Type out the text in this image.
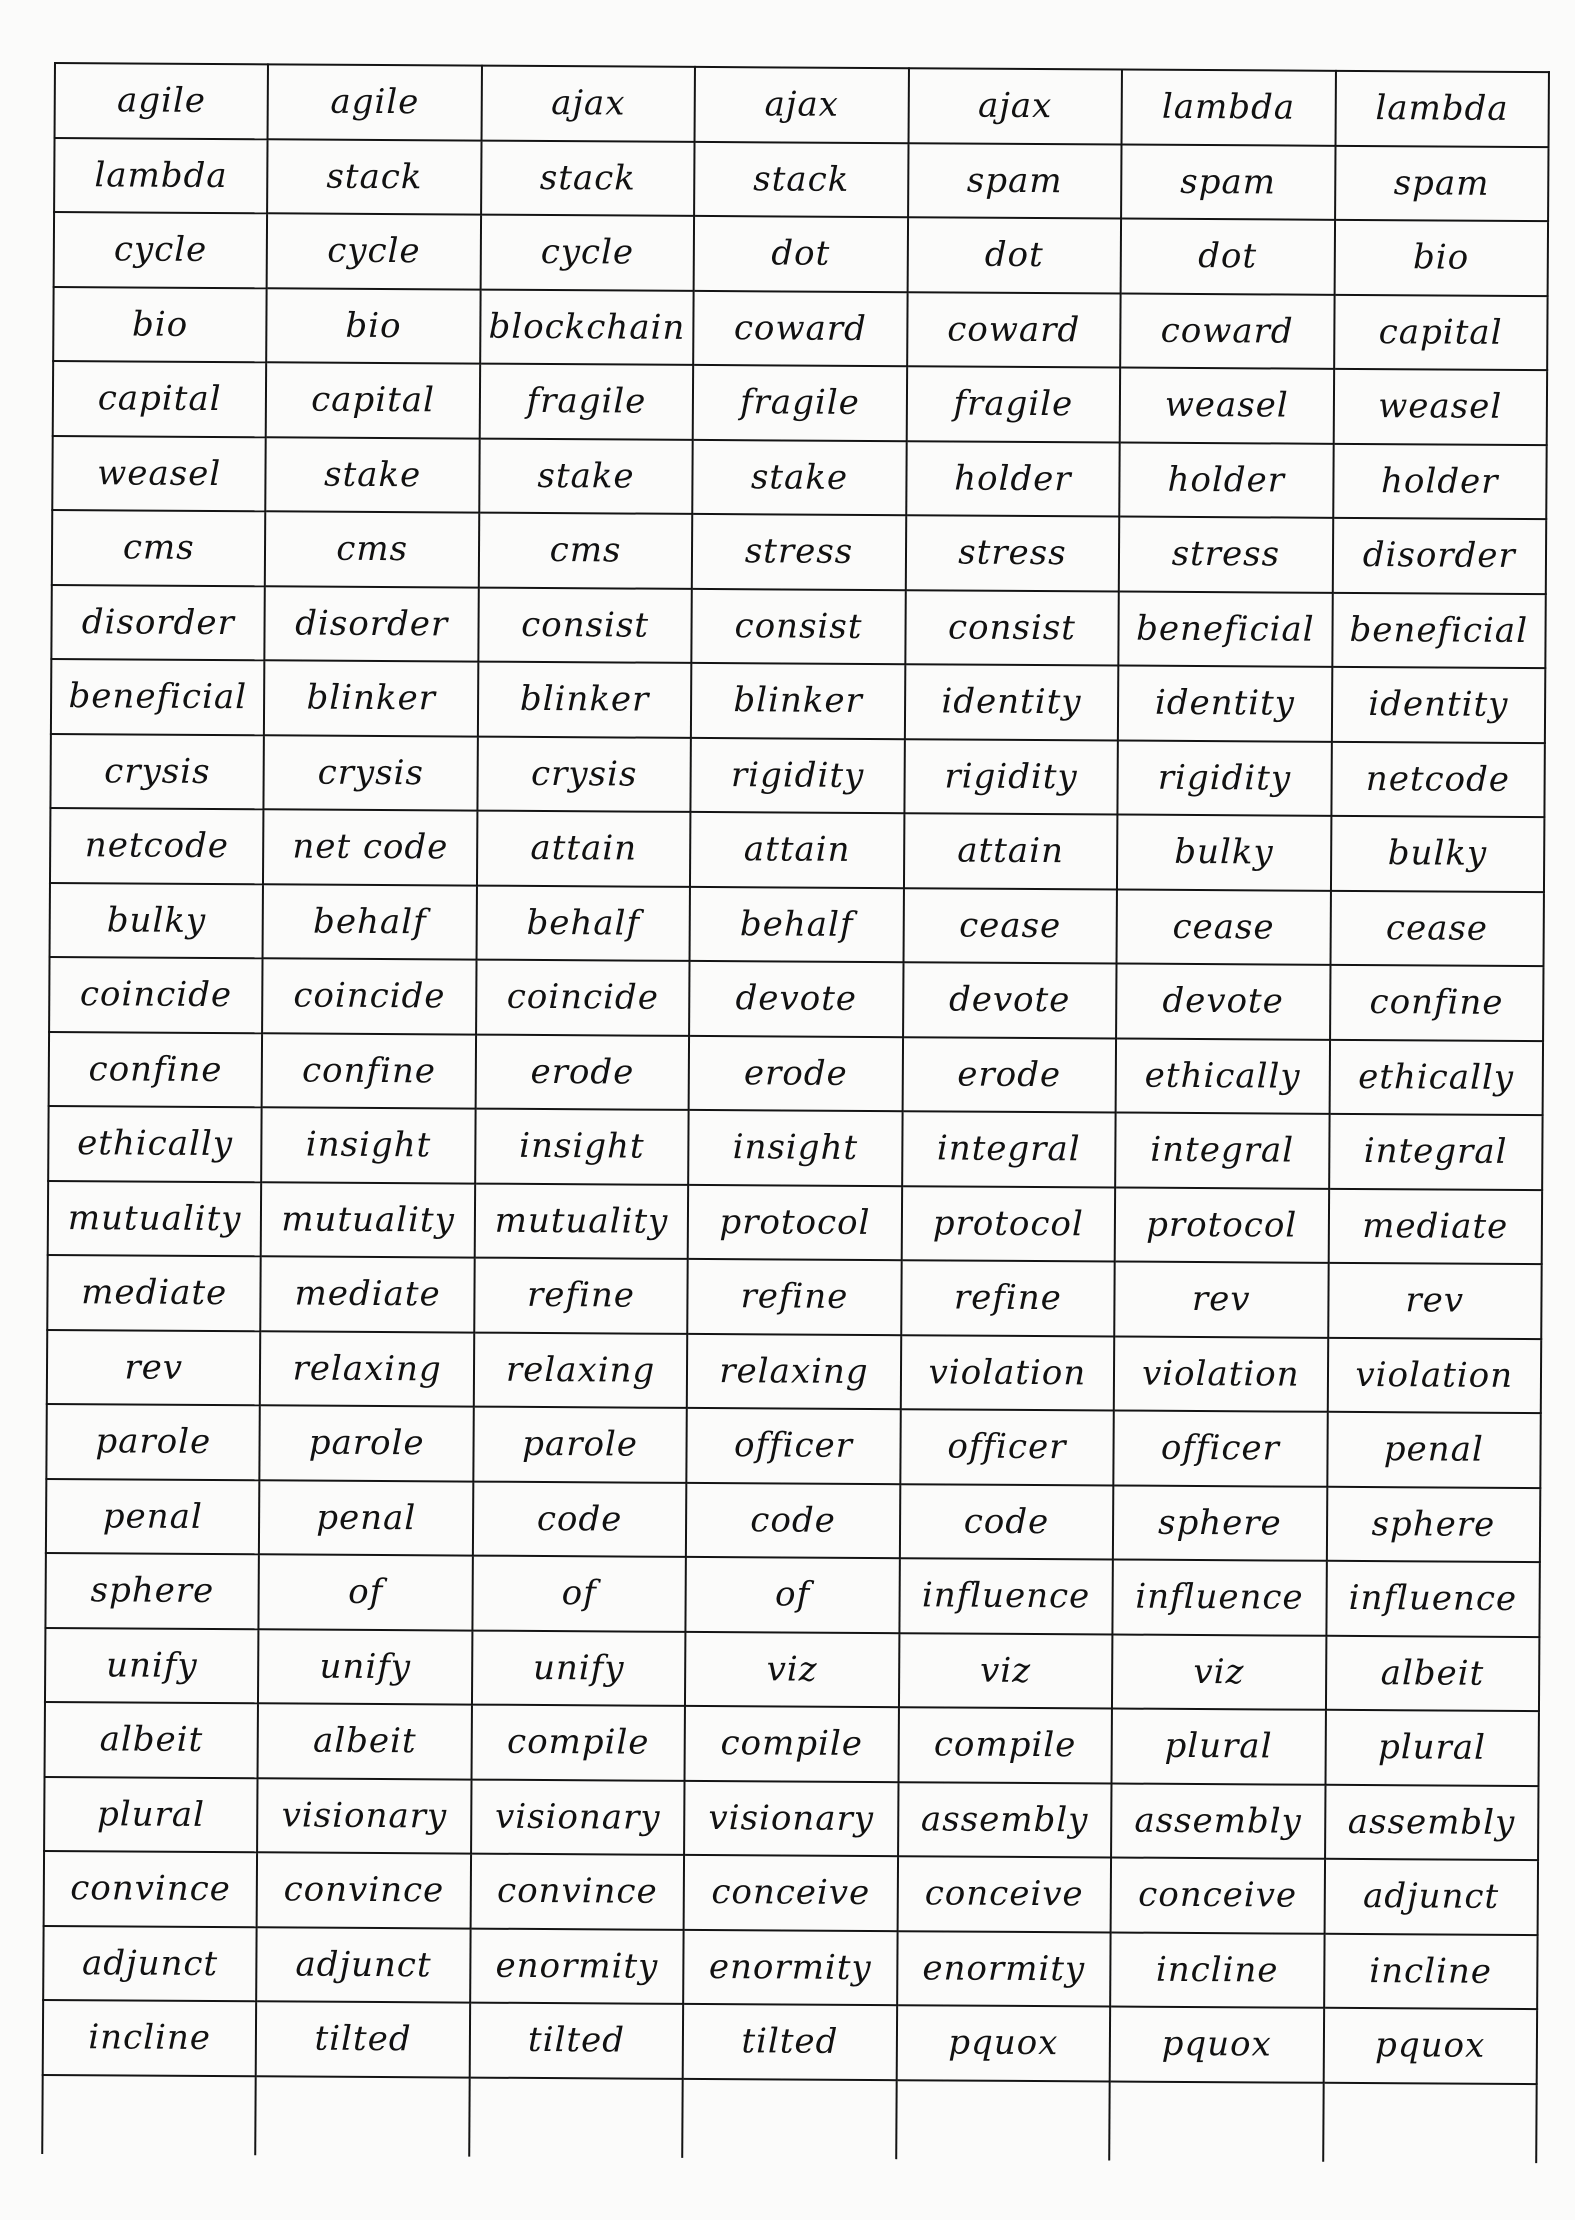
agile	agile	ajax	ajax	ajax	lambda	lambda
lambda	stack	stack	stack	spam	spam	spam
cycle	cycle	cycle	dot	dot	dot	bio
bio	bio	blockchain	coward	coward	coward	capital
capital	capital	fragile	fragile	fragile	weasel	weasel
weasel	stake	stake	stake	holder	holder	holder
cms	cms	cms	stress	stress	stress	disorder
disorder	disorder	consist	consist	consist	beneficial	beneficial
beneficial	blinker	blinker	blinker	identity	identity	identity
crysis	crysis	crysis	rigidity	rigidity	rigidity	netcode
netcode	net code	attain	attain	attain	bulky	bulky
bulky	behalf	behalf	behalf	cease	cease	cease
coincide	coincide	coincide	devote	devote	devote	confine
confine	confine	erode	erode	erode	ethically	ethically
ethically	insight	insight	insight	integral	integral	integral
mutuality	mutuality	mutuality	protocol	protocol	protocol	mediate
mediate	mediate	refine	refine	refine	rev	rev
rev	relaxing	relaxing	relaxing	violation	violation	violation
parole	parole	parole	officer	officer	officer	penal
penal	penal	code	code	code	sphere	sphere
sphere	of	of	of	influence	influence	influence
unify	unify	unify	viz	viz	viz	albeit
albeit	albeit	compile	compile	compile	plural	plural
plural	visionary	visionary	visionary	assembly	assembly	assembly
convince	convince	convince	conceive	conceive	conceive	adjunct
adjunct	adjunct	enormity	enormity	enormity	incline	incline
incline	tilted	tilted	tilted	pquox	pquox	pquox
